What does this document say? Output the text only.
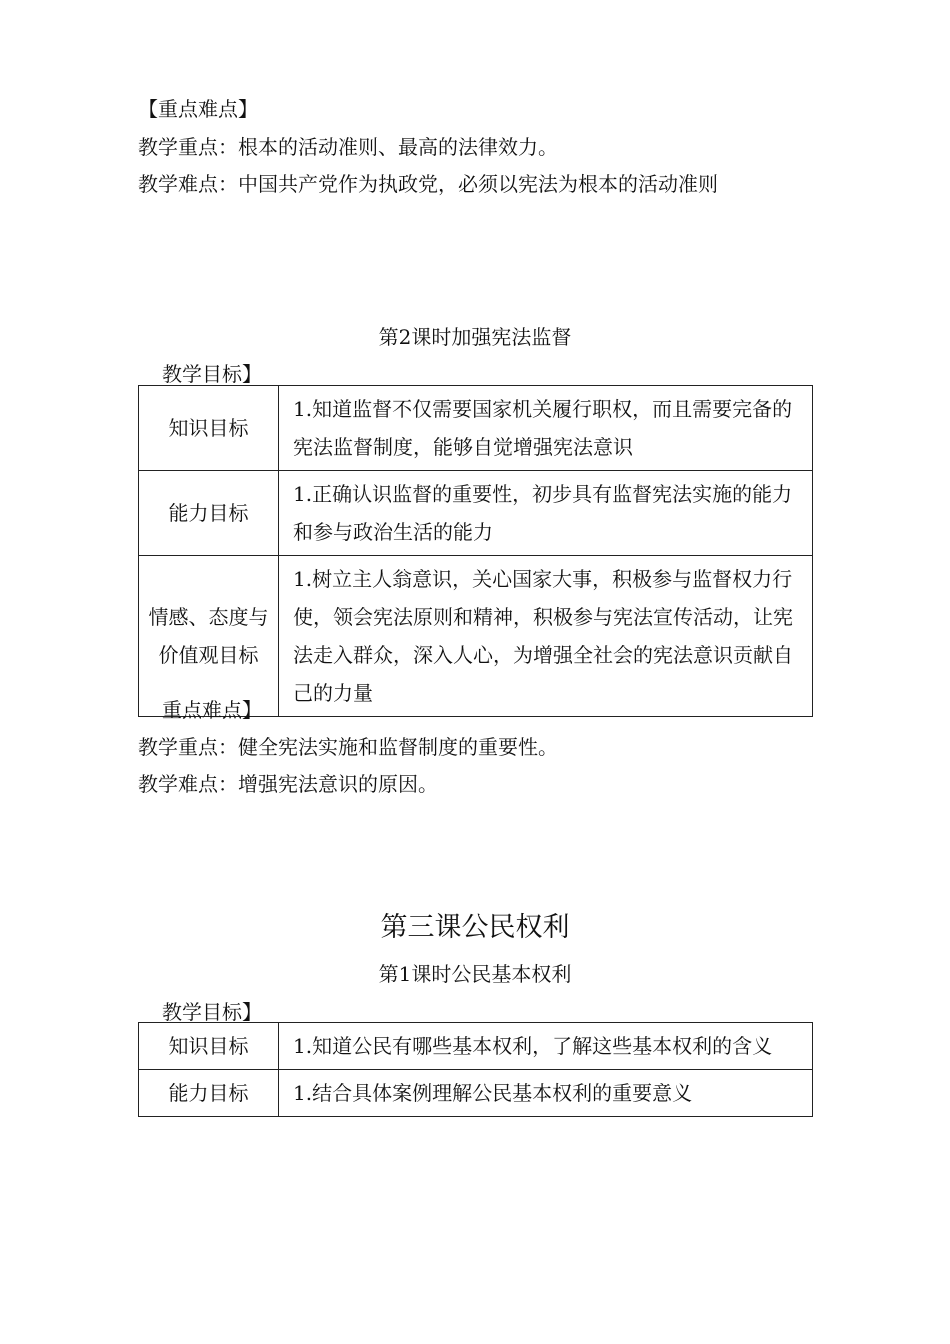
【重点难点】
教学重点：根本的活动准则、最高的法律效力。
教学难点：中国共产党作为执政党，必须以宪法为根本的活动准则
第2课时加强宪法监督
教学目标】
知识目标	1.知道监督不仅需要国家机关履行职权，而且需要完备的宪法监督制度，能够自觉增强宪法意识
能力目标	1.正确认识监督的重要性，初步具有监督宪法实施的能力和参与政治生活的能力
情感、态度与价值观目标	1.树立主人翁意识，关心国家大事，积极参与监督权力行使，领会宪法原则和精神，积极参与宪法宣传活动，让宪法走入群众，深入人心，为增强全社会的宪法意识贡献自己的力量
重点难点】
教学重点：健全宪法实施和监督制度的重要性。
教学难点：增强宪法意识的原因。
第三课公民权利
第1课时公民基本权利
教学目标】
知识目标	1.知道公民有哪些基本权利，了解这些基本权利的含义
能力目标	1.结合具体案例理解公民基本权利的重要意义
